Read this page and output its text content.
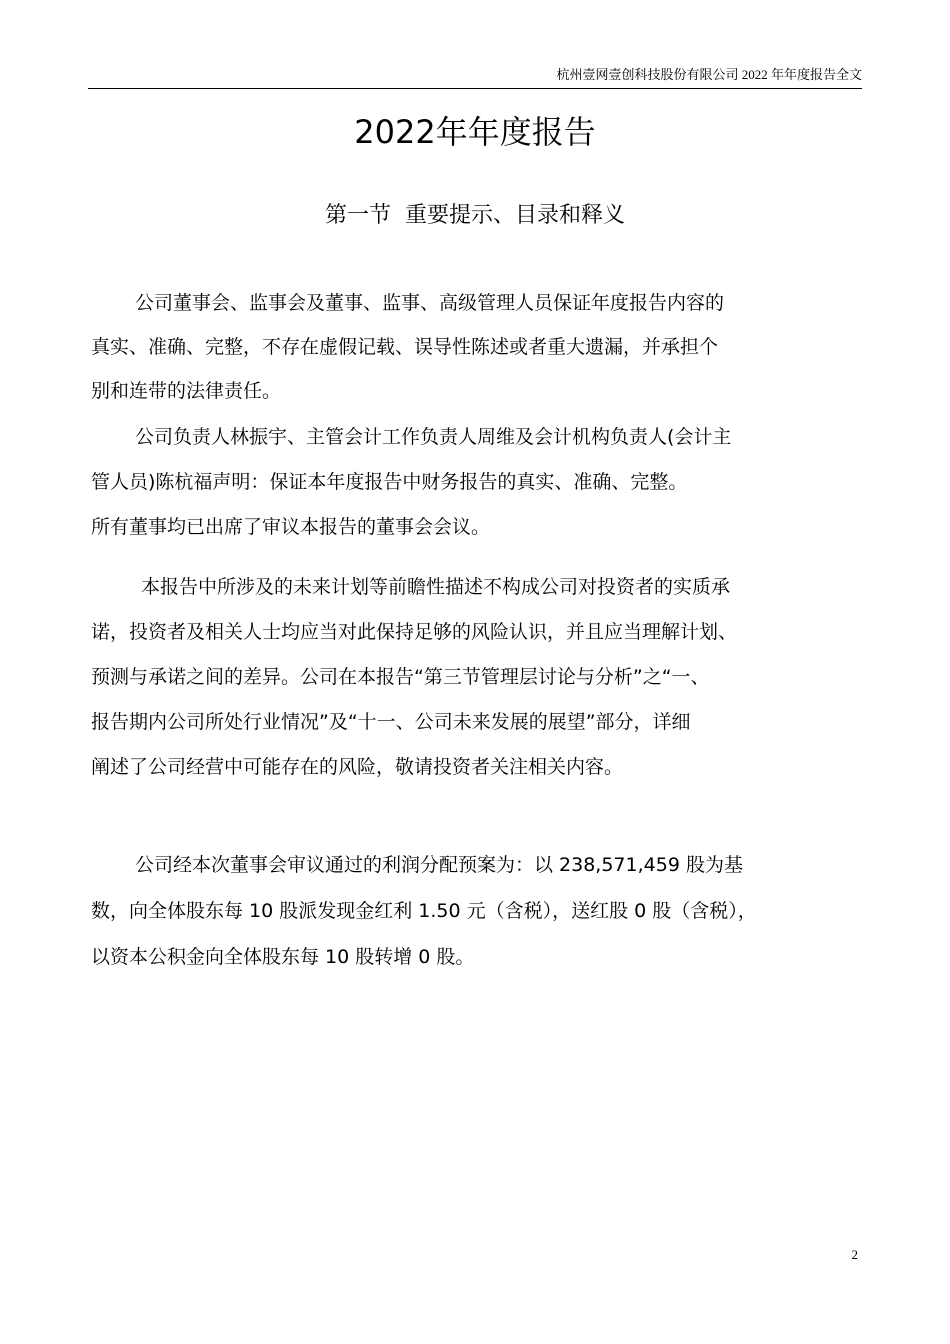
杭州壹网壹创科技股份有限公司 2022 年年度报告全文
2022年年度报告
第一节  重要提示、目录和释义
公司董事会、监事会及董事、监事、高级管理人员保证年度报告内容的
真实、准确、完整，不存在虚假记载、误导性陈述或者重大遗漏，并承担个
别和连带的法律责任。
公司负责人林振宇、主管会计工作负责人周维及会计机构负责人(会计主
管人员)陈杭福声明：保证本年度报告中财务报告的真实、准确、完整。
所有董事均已出席了审议本报告的董事会会议。
本报告中所涉及的未来计划等前瞻性描述不构成公司对投资者的实质承
诺，投资者及相关人士均应当对此保持足够的风险认识，并且应当理解计划、
预测与承诺之间的差异。公司在本报告“第三节管理层讨论与分析”之“一、
报告期内公司所处行业情况”及“十一、公司未来发展的展望”部分，详细
阐述了公司经营中可能存在的风险，敬请投资者关注相关内容。
公司经本次董事会审议通过的利润分配预案为：以 238,571,459 股为基
数，向全体股东每 10 股派发现金红利 1.50 元（含税），送红股 0 股（含税），
以资本公积金向全体股东每 10 股转增 0 股。
2
